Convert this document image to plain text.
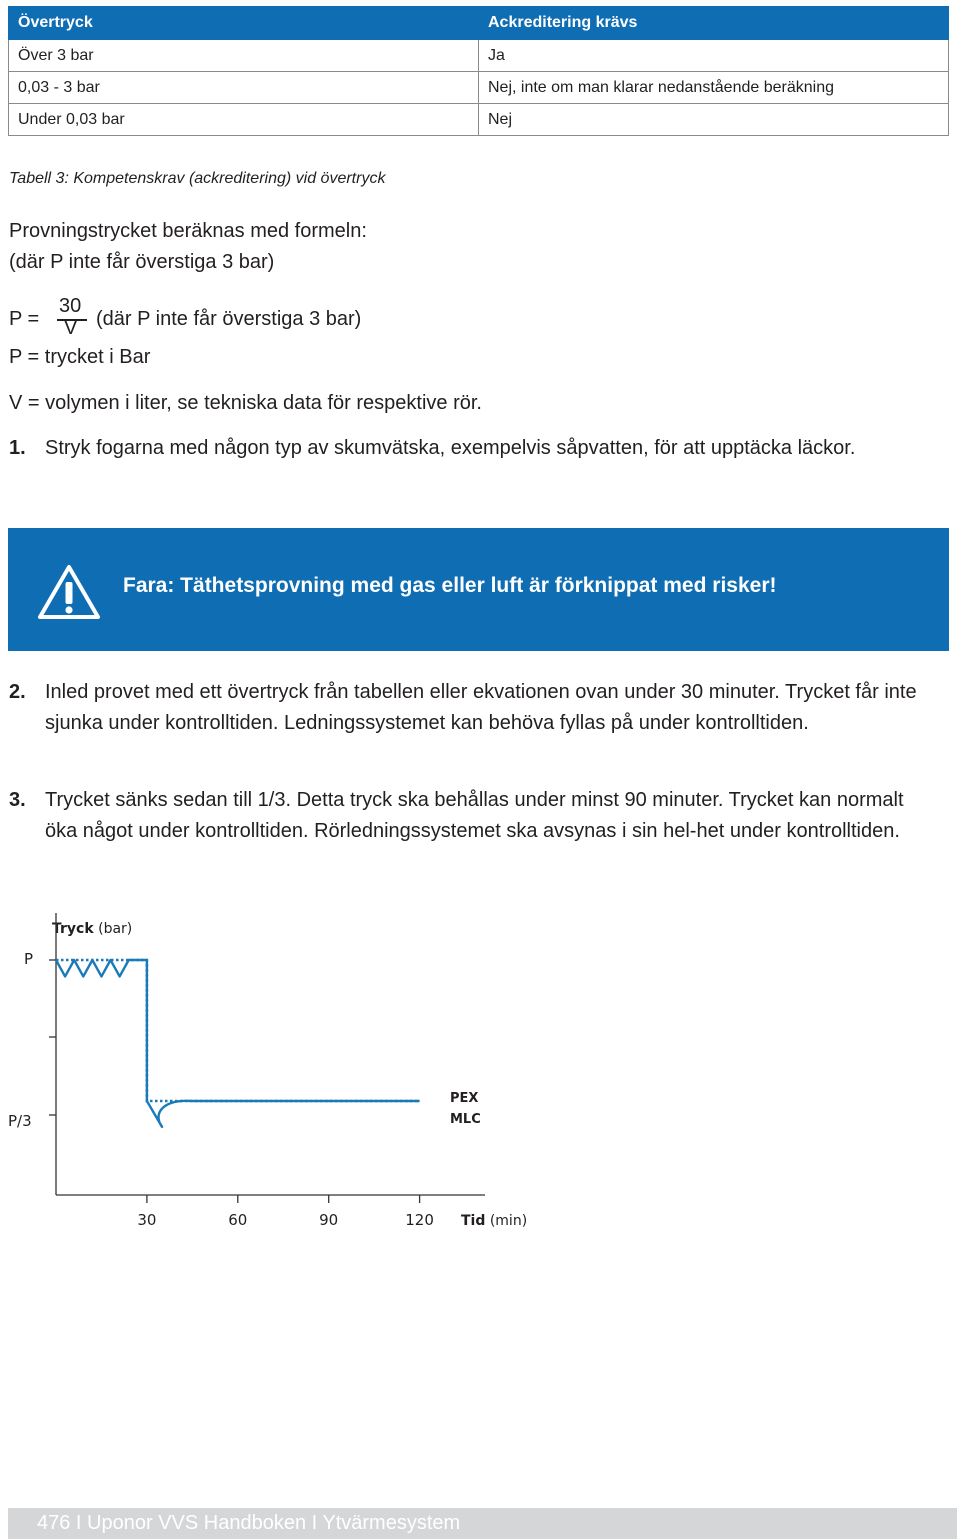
Övertryck	Ackreditering krävs
Över 3 bar	Ja
0,03 - 3 bar	Nej, inte om man klarar nedanstående beräkning
Under 0,03 bar	Nej
Tabell 3: Kompetenskrav (ackreditering) vid övertryck
Provningstrycket beräknas med formeln:
(där P inte får överstiga 3 bar)
P =
30
V (där P inte får överstiga 3 bar)
P = trycket i Bar
V = volymen i liter, se tekniska data för respektive rör.
1. Stryk fogarna med någon typ av skumvätska, exempelvis såpvatten, för att upptäcka läckor.
Fara: Täthetsprovning med gas eller luft är förknippat med risker!
2. Inled provet med ett övertryck från tabellen eller ekvationen ovan under 30 minuter. Trycket får inte sjunka under kontrolltiden. Ledningssystemet kan behöva fyllas på under kontrolltiden.
3. Trycket sänks sedan till 1/3. Detta tryck ska behållas under minst 90 minuter. Trycket kan normalt öka något under kontrolltiden. Rörledningssystemet ska avsynas i sin hel-het under kontrolltiden.
Tryck (bar)
P
P/3
Tid (min)
PEX
MLC
30	60	90	120
476 I Uponor VVS Handboken I Ytvärmesystem
